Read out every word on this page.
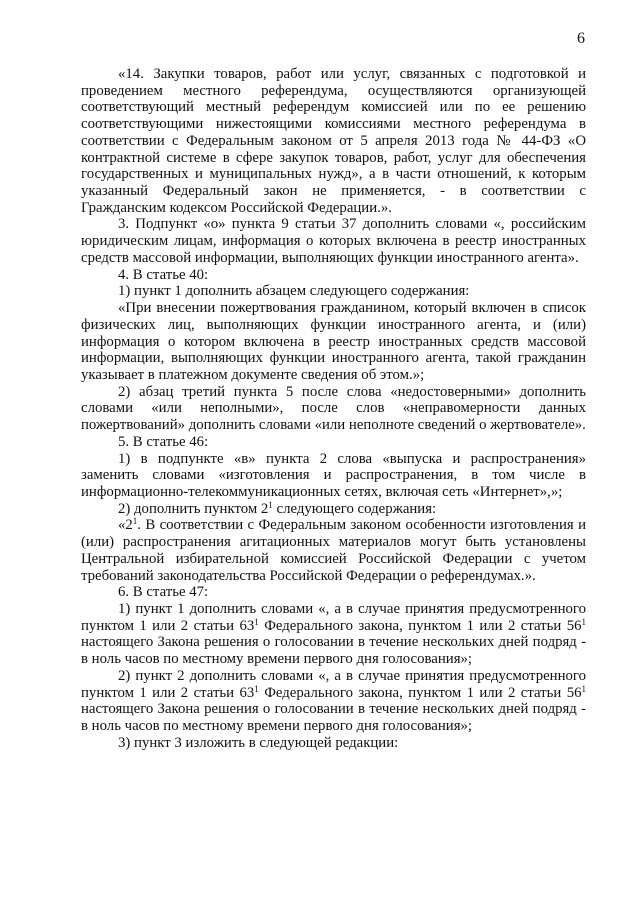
6

«14. Закупки товаров, работ или услуг, связанных с подготовкой и проведением местного референдума, осуществляются организующей соответствующий местный референдум комиссией или по ее решению соответствующими нижестоящими комиссиями местного референдума в соответствии с Федеральным законом от 5 апреля 2013 года № 44-ФЗ «О контрактной системе в сфере закупок товаров, работ, услуг для обеспечения государственных и муниципальных нужд», а в части отношений, к которым указанный Федеральный закон не применяется, - в соответствии с Гражданским кодексом Российской Федерации.».

3. Подпункт «о» пункта 9 статьи 37 дополнить словами «, российским юридическим лицам, информация о которых включена в реестр иностранных средств массовой информации, выполняющих функции иностранного агента».

4. В статье 40:

1) пункт 1 дополнить абзацем следующего содержания:

«При внесении пожертвования гражданином, который включен в список физических лиц, выполняющих функции иностранного агента, и (или) информация о котором включена в реестр иностранных средств массовой информации, выполняющих функции иностранного агента, такой гражданин указывает в платежном документе сведения об этом.»;

2) абзац третий пункта 5 после слова «недостоверными» дополнить словами «или неполными», после слов «неправомерности данных пожертвований» дополнить словами «или неполноте сведений о жертвователе».

5. В статье 46:

1) в подпункте «в» пункта 2 слова «выпуска и распространения» заменить словами «изготовления и распространения, в том числе в информационно-телекоммуникационных сетях, включая сеть «Интернет»,»;

2) дополнить пунктом $2^1$ следующего содержания:

«$2^1$. В соответствии с Федеральным законом особенности изготовления и (или) распространения агитационных материалов могут быть установлены Центральной избирательной комиссией Российской Федерации с учетом требований законодательства Российской Федерации о референдумах.».

6. В статье 47:

1) пункт 1 дополнить словами «, а в случае принятия предусмотренного пунктом 1 или 2 статьи $63^1$ Федерального закона, пунктом 1 или 2 статьи $56^1$ настоящего Закона решения о голосовании в течение нескольких дней подряд - в ноль часов по местному времени первого дня голосования»;

2) пункт 2 дополнить словами «, а в случае принятия предусмотренного пунктом 1 или 2 статьи $63^1$ Федерального закона, пунктом 1 или 2 статьи $56^1$ настоящего Закона решения о голосовании в течение нескольких дней подряд - в ноль часов по местному времени первого дня голосования»;

3) пункт 3 изложить в следующей редакции:
